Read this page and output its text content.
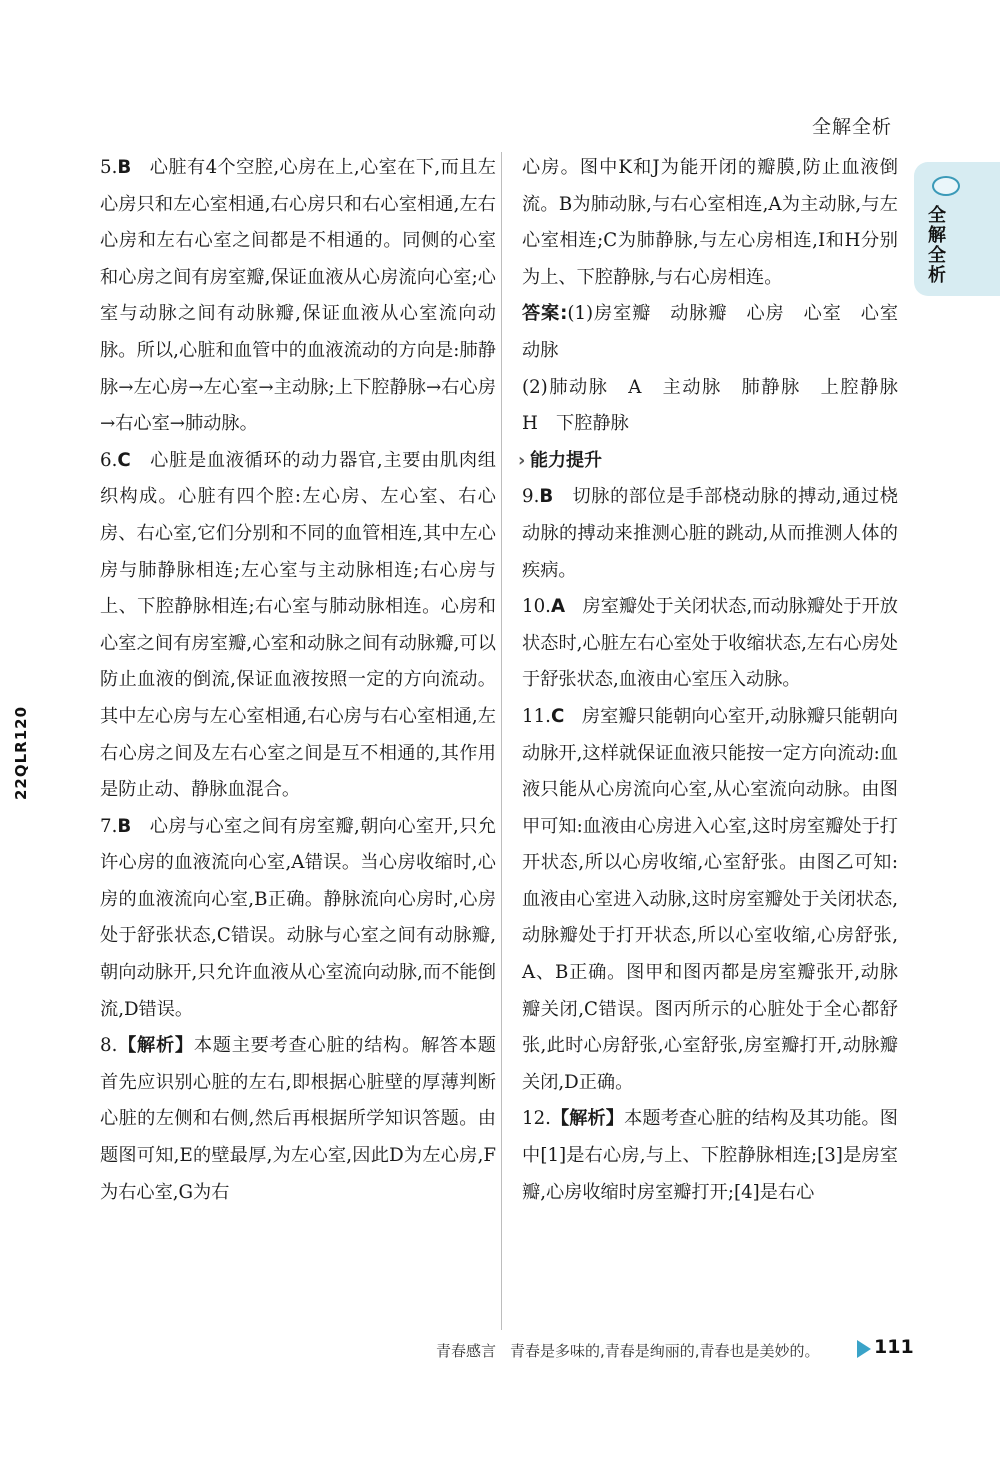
全解全析
全解全析
22QLR120

5.B 心脏有4个空腔,心房在上,心室在下,而且左心房只和左心室相通,右心房只和右心室相通,左右心房和左右心室之间都是不相通的。同侧的心室和心房之间有房室瓣,保证血液从心房流向心室;心室与动脉之间有动脉瓣,保证血液从心室流向动脉。所以,心脏和血管中的血液流动的方向是:肺静脉→左心房→左心室→主动脉;上下腔静脉→右心房→右心室→肺动脉。

6.C 心脏是血液循环的动力器官,主要由肌肉组织构成。心脏有四个腔:左心房、左心室、右心房、右心室,它们分别和不同的血管相连,其中左心房与肺静脉相连;左心室与主动脉相连;右心房与上、下腔静脉相连;右心室与肺动脉相连。心房和心室之间有房室瓣,心室和动脉之间有动脉瓣,可以防止血液的倒流,保证血液按照一定的方向流动。其中左心房与左心室相通,右心房与右心室相通,左右心房之间及左右心室之间是互不相通的,其作用是防止动、静脉血混合。

7.B 心房与心室之间有房室瓣,朝向心室开,只允许心房的血液流向心室,A错误。当心房收缩时,心房的血液流向心室,B正确。静脉流向心房时,心房处于舒张状态,C错误。动脉与心室之间有动脉瓣,朝向动脉开,只允许血液从心室流向动脉,而不能倒流,D错误。

8.【解析】本题主要考查心脏的结构。解答本题首先应识别心脏的左右,即根据心脏壁的厚薄判断心脏的左侧和右侧,然后再根据所学知识答题。由题图可知,E的壁最厚,为左心室,因此D为左心房,F为右心室,G为右

心房。图中K和J为能开闭的瓣膜,防止血液倒流。B为肺动脉,与右心室相连,A为主动脉,与左心室相连;C为肺静脉,与左心房相连,I和H分别为上、下腔静脉,与右心房相连。

答案:(1)房室瓣　动脉瓣　心房　心室　心室　动脉

(2)肺动脉　A　主动脉　肺静脉　上腔静脉　H　下腔静脉

› 能力提升

9.B 切脉的部位是手部桡动脉的搏动,通过桡动脉的搏动来推测心脏的跳动,从而推测人体的疾病。

10.A 房室瓣处于关闭状态,而动脉瓣处于开放状态时,心脏左右心室处于收缩状态,左右心房处于舒张状态,血液由心室压入动脉。

11.C 房室瓣只能朝向心室开,动脉瓣只能朝向动脉开,这样就保证血液只能按一定方向流动:血液只能从心房流向心室,从心室流向动脉。由图甲可知:血液由心房进入心室,这时房室瓣处于打开状态,所以心房收缩,心室舒张。由图乙可知:血液由心室进入动脉,这时房室瓣处于关闭状态,动脉瓣处于打开状态,所以心室收缩,心房舒张,A、B正确。图甲和图丙都是房室瓣张开,动脉瓣关闭,C错误。图丙所示的心脏处于全心都舒张,此时心房舒张,心室舒张,房室瓣打开,动脉瓣关闭,D正确。

12.【解析】本题考查心脏的结构及其功能。图中[1]是右心房,与上、下腔静脉相连;[3]是房室瓣,心房收缩时房室瓣打开;[4]是右心

青春感言 青春是多味的,青春是绚丽的,青春也是美妙的。	111
